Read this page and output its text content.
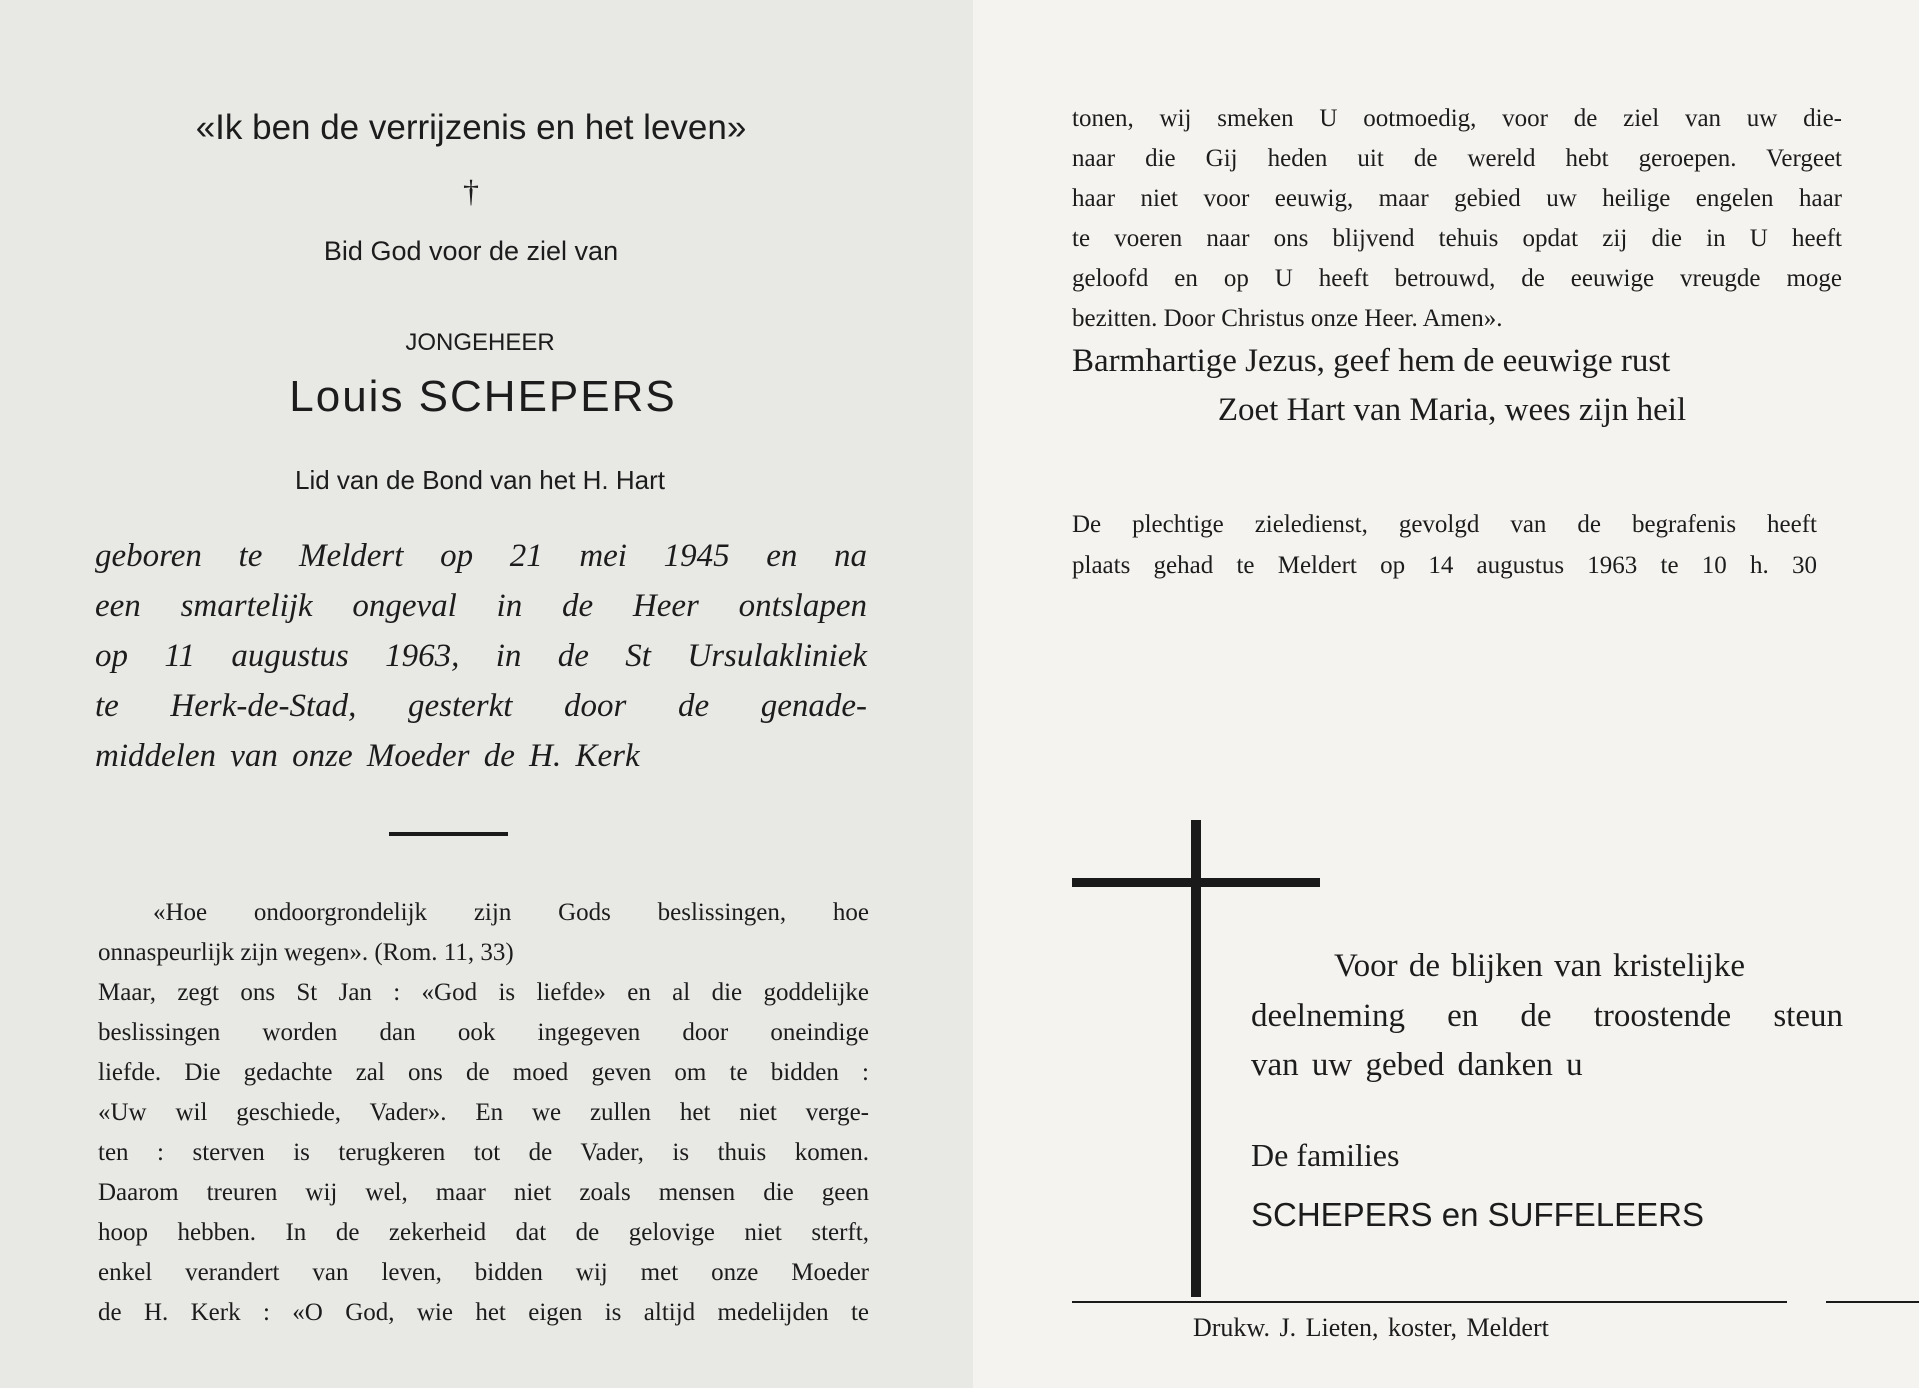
«Ik ben de verrijzenis en het leven»
†
Bid God voor de ziel van
JONGEHEER
Louis SCHEPERS
Lid van de Bond van het H. Hart
geboren te Meldert op 21 mei 1945 en na
een smartelijk ongeval in de Heer ontslapen
op 11 augustus 1963, in de St Ursulakliniek
te Herk-de-Stad, gesterkt door de genade-
middelen van onze Moeder de H. Kerk
«Hoe ondoorgrondelijk zijn Gods beslissingen, hoe
onnaspeurlijk zijn wegen». (Rom. 11, 33)
Maar, zegt ons St Jan : «God is liefde» en al die goddelijke
beslissingen worden dan ook ingegeven door oneindige
liefde. Die gedachte zal ons de moed geven om te bidden :
«Uw wil geschiede, Vader». En we zullen het niet verge-
ten : sterven is terugkeren tot de Vader, is thuis komen.
Daarom treuren wij wel, maar niet zoals mensen die geen
hoop hebben. In de zekerheid dat de gelovige niet sterft,
enkel verandert van leven, bidden wij met onze Moeder
de H. Kerk : «O God, wie het eigen is altijd medelijden te
tonen, wij smeken U ootmoedig, voor de ziel van uw die-
naar die Gij heden uit de wereld hebt geroepen. Vergeet
haar niet voor eeuwig, maar gebied uw heilige engelen haar
te voeren naar ons blijvend tehuis opdat zij die in U heeft
geloofd en op U heeft betrouwd, de eeuwige vreugde moge
bezitten. Door Christus onze Heer. Amen».
Barmhartige Jezus, geef hem de eeuwige rust
Zoet Hart van Maria, wees zijn heil
De plechtige zieledienst, gevolgd van de begrafenis heeft
plaats gehad te Meldert op 14 augustus 1963 te 10 h. 30
Voor de blijken van kristelijke
deelneming en de troostende steun
van uw gebed danken u
De families
SCHEPERS en SUFFELEERS
Drukw. J. Lieten, koster, Meldert
